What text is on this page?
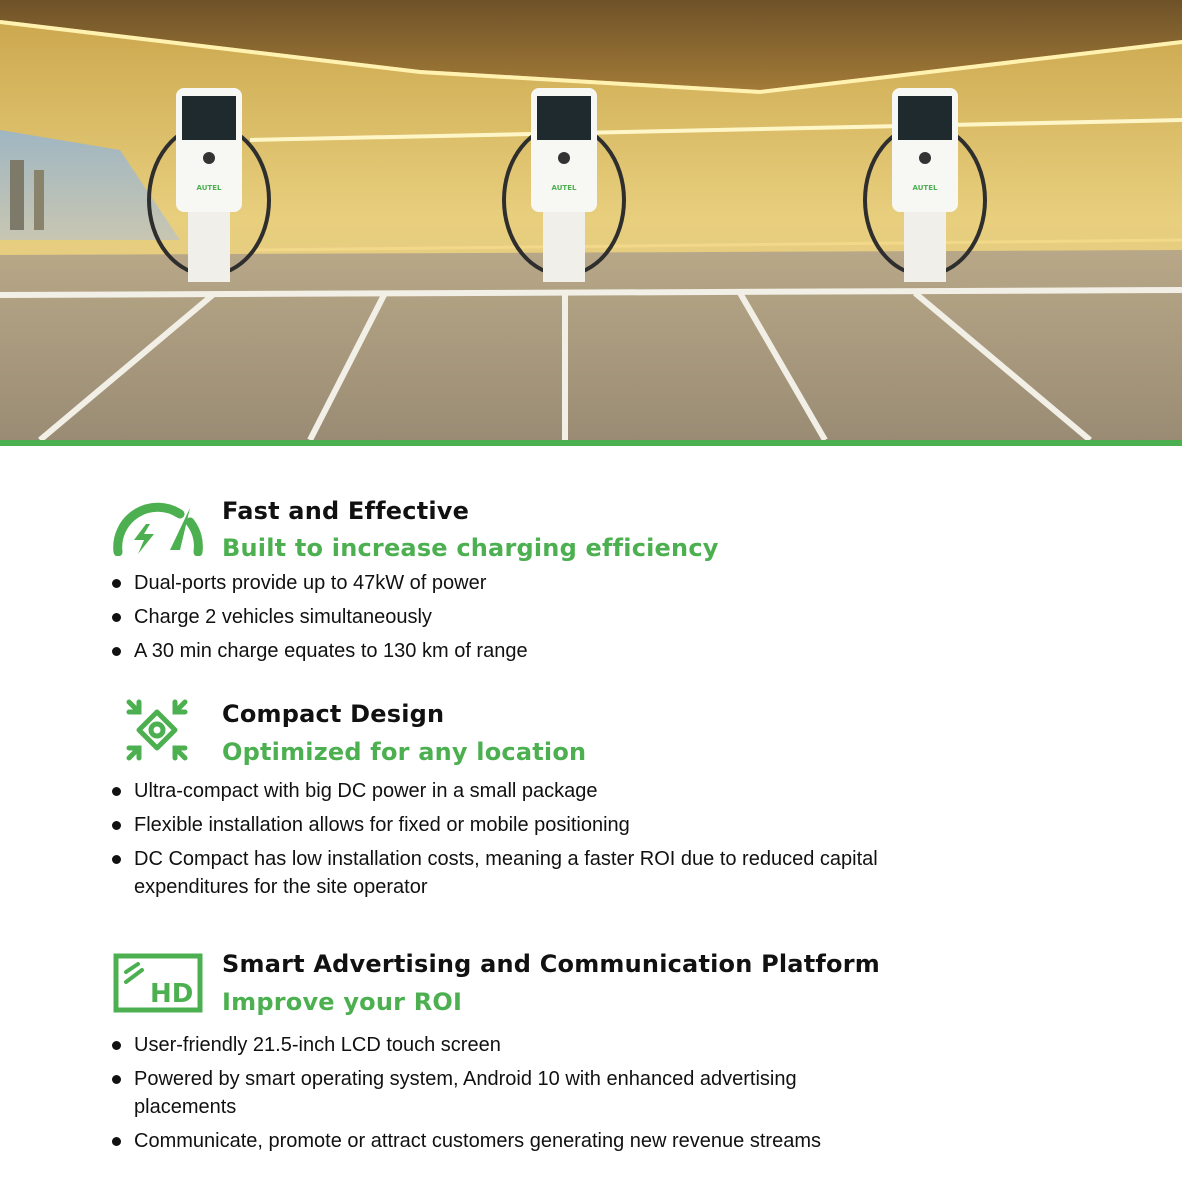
AUTEL	AUTEL	AUTEL

Fast and Effective

Built to increase charging efficiency

Dual-ports provide up to 47kW of power
Charge 2 vehicles simultaneously
A 30 min charge equates to 130 km of range

Compact Design

Optimized for any location

Ultra-compact with big DC power in a small package
Flexible installation allows for fixed or mobile positioning
DC Compact has low installation costs, meaning a faster ROI due to reduced capital expenditures for the site operator
HD

Smart Advertising and Communication Platform

Improve your ROI

User-friendly 21.5-inch LCD touch screen
Powered by smart operating system, Android 10 with enhanced advertising placements
Communicate, promote or attract customers generating new revenue streams
